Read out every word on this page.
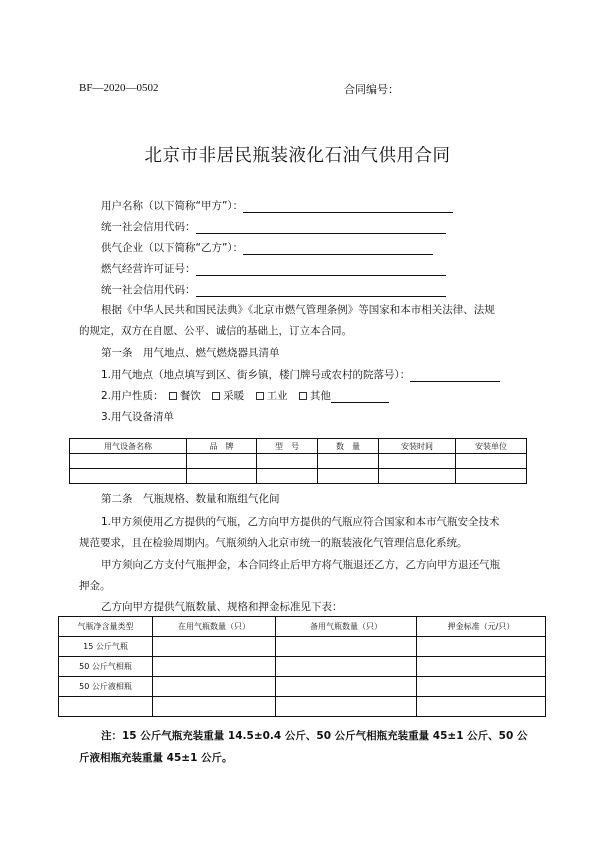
BF—2020—0502	合同编号：
北京市非居民瓶装液化石油气供用合同
用户名称（以下简称“甲方”）：
统一社会信用代码：
供气企业（以下简称“乙方”）：
燃气经营许可证号：
统一社会信用代码：
根据《中华人民共和国民法典》《北京市燃气管理条例》等国家和本市相关法律、法规
的规定，双方在自愿、公平、诚信的基础上，订立本合同。
第一条　用气地点、燃气燃烧器具清单
1.用气地点（地点填写到区、街乡镇，楼门牌号或农村的院落号）：
2.用户性质： 餐饮 采暖 工业 其他
3.用气设备清单
用气设备名称	品　牌	型　号	数　量	安装时间	安装单位

第二条　气瓶规格、数量和瓶组气化间
1.甲方须使用乙方提供的气瓶，乙方向甲方提供的气瓶应符合国家和本市气瓶安全技术
规范要求，且在检验周期内。气瓶须纳入北京市统一的瓶装液化气管理信息化系统。
甲方须向乙方支付气瓶押金，本合同终止后甲方将气瓶退还乙方，乙方向甲方退还气瓶
押金。
乙方向甲方提供气瓶数量、规格和押金标准见下表：
气瓶净含量类型	在用气瓶数量（只）	备用气瓶数量（只）	押金标准（元/只）
15 公斤气瓶			
50 公斤气相瓶			
50 公斤液相瓶			

注：15 公斤气瓶充装重量 14.5±0.4 公斤、50 公斤气相瓶充装重量 45±1 公斤、50 公
斤液相瓶充装重量 45±1 公斤。
